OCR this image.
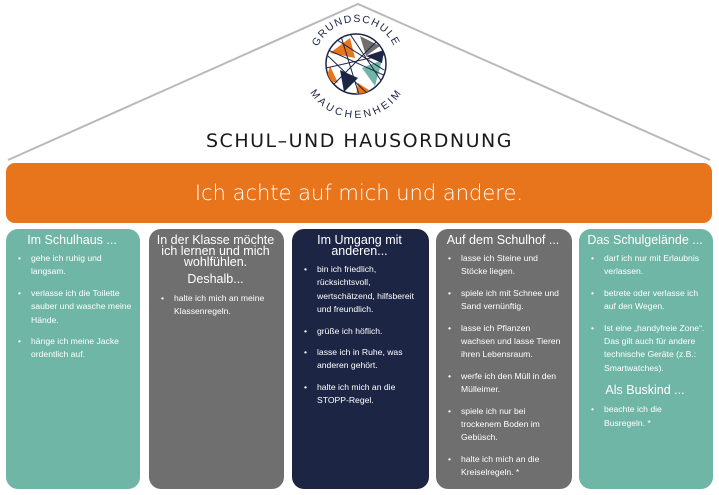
GRUNDSCHULE
MAUCHENHEIM
SCHUL–UND HAUSORDNUNG
Ich achte auf mich und andere.
Im Schulhaus ...
• gehe ich ruhig und langsam.
• verlasse ich die Toilette sauber und wasche meine Hände.
• hänge ich meine Jacke ordentlich auf.
In der Klasse möchte ich lernen und mich wohlfühlen.
Deshalb...
• halte ich mich an meine Klassenregeln.
Im Umgang mit anderen...
• bin ich friedlich, rücksichtsvoll, wertschätzend, hilfsbereit und freundlich.
• grüße ich höflich.
• lasse ich in Ruhe, was anderen gehört.
• halte ich mich an die STOPP-Regel.
Auf dem Schulhof ...
• lasse ich Steine und Stöcke liegen.
• spiele ich mit Schnee und Sand vernünftig.
• lasse ich Pflanzen wachsen und lasse Tieren ihren Lebensraum.
• werfe ich den Müll in den Mülleimer.
• spiele ich nur bei trockenem Boden im Gebüsch.
• halte ich mich an die Kreiselregeln. *
Das Schulgelände ...
• darf ich nur mit Erlaubnis verlassen.
• betrete oder verlasse ich auf den Wegen.
• Ist eine „handyfreie Zone“. Das gilt auch für andere technische Geräte (z.B.: Smartwatches).
Als Buskind ...
• beachte ich die Busregeln. *
